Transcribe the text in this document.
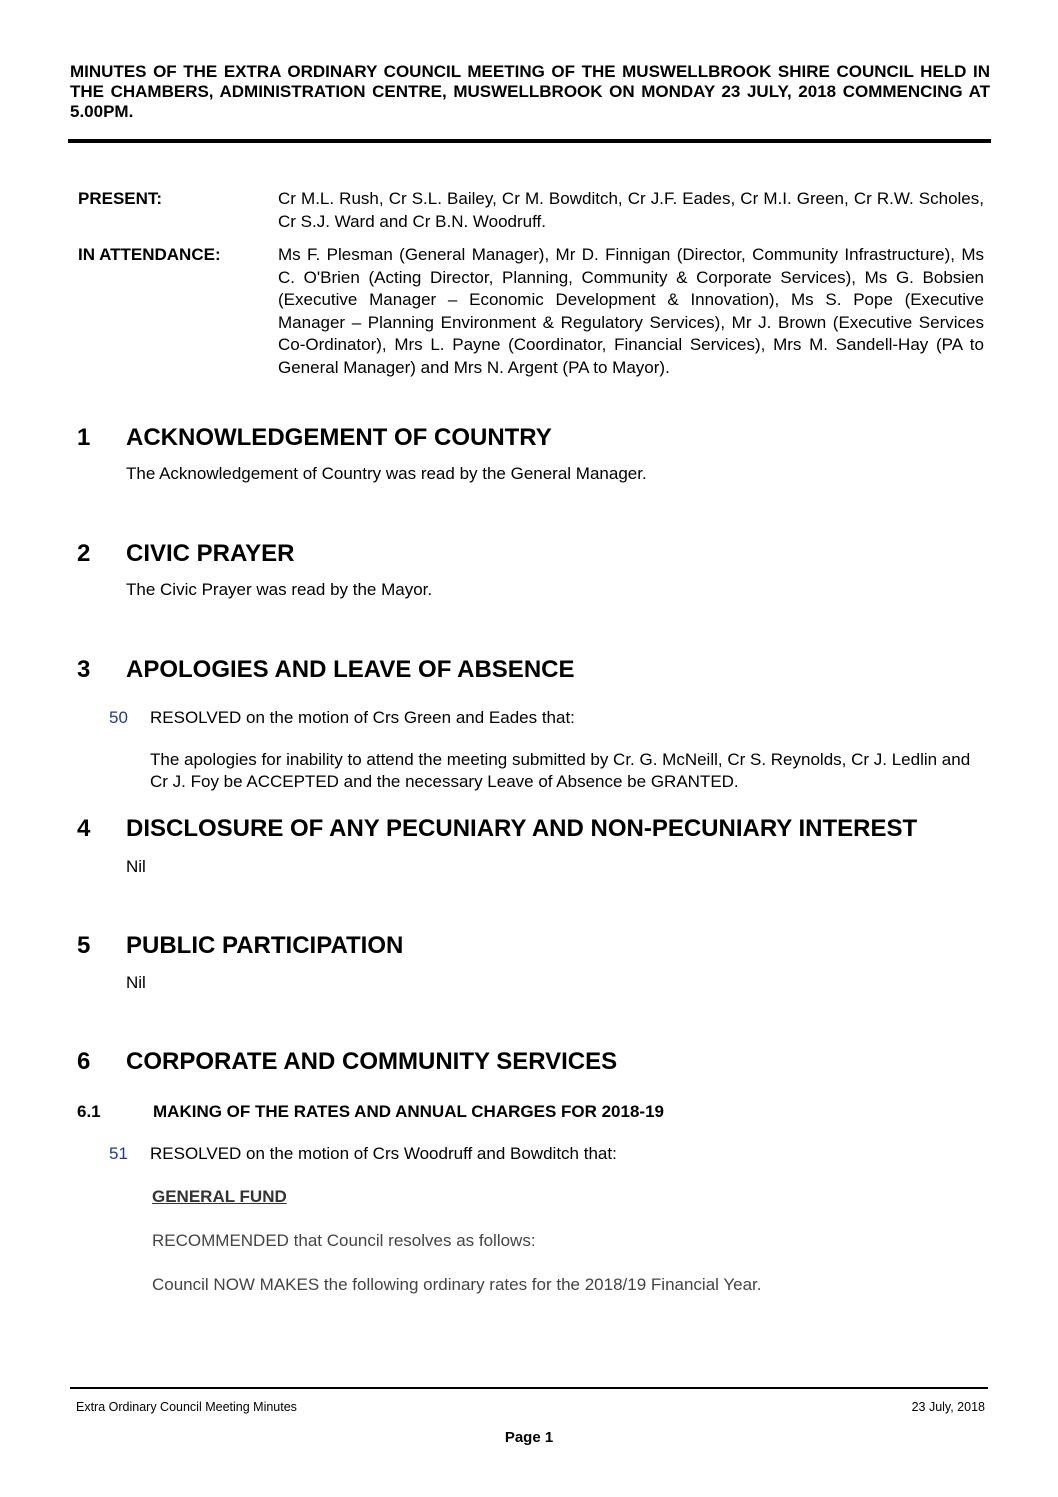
MINUTES OF THE EXTRA ORDINARY COUNCIL MEETING OF THE MUSWELLBROOK SHIRE COUNCIL HELD IN THE CHAMBERS, ADMINISTRATION CENTRE, MUSWELLBROOK ON MONDAY 23 JULY, 2018 COMMENCING AT 5.00PM.
PRESENT:	Cr M.L. Rush, Cr S.L. Bailey, Cr M. Bowditch, Cr J.F. Eades, Cr M.I. Green, Cr R.W. Scholes, Cr S.J. Ward and Cr B.N. Woodruff.
IN ATTENDANCE:	Ms F. Plesman (General Manager), Mr D. Finnigan (Director, Community Infrastructure), Ms C. O'Brien (Acting Director, Planning, Community & Corporate Services), Ms G. Bobsien (Executive Manager – Economic Development & Innovation), Ms S. Pope (Executive Manager – Planning Environment & Regulatory Services), Mr J. Brown (Executive Services Co-Ordinator), Mrs L. Payne (Coordinator, Financial Services), Mrs M. Sandell-Hay (PA to General Manager) and Mrs N. Argent (PA to Mayor).
1 ACKNOWLEDGEMENT OF COUNTRY
The Acknowledgement of Country was read by the General Manager.
2 CIVIC PRAYER
The Civic Prayer was read by the Mayor.
3 APOLOGIES AND LEAVE OF ABSENCE
50 RESOLVED on the motion of Crs Green and Eades that:
The apologies for inability to attend the meeting submitted by Cr. G. McNeill, Cr S. Reynolds, Cr J. Ledlin and Cr J. Foy be ACCEPTED and the necessary Leave of Absence be GRANTED.
4 DISCLOSURE OF ANY PECUNIARY AND NON-PECUNIARY INTEREST
Nil
5 PUBLIC PARTICIPATION
Nil
6 CORPORATE AND COMMUNITY SERVICES
6.1	MAKING OF THE RATES AND ANNUAL CHARGES FOR 2018-19
51 RESOLVED on the motion of Crs Woodruff and Bowditch that:
GENERAL FUND
RECOMMENDED that Council resolves as follows:
Council NOW MAKES the following ordinary rates for the 2018/19 Financial Year.
Extra Ordinary Council Meeting Minutes	23 July, 2018
Page 1
